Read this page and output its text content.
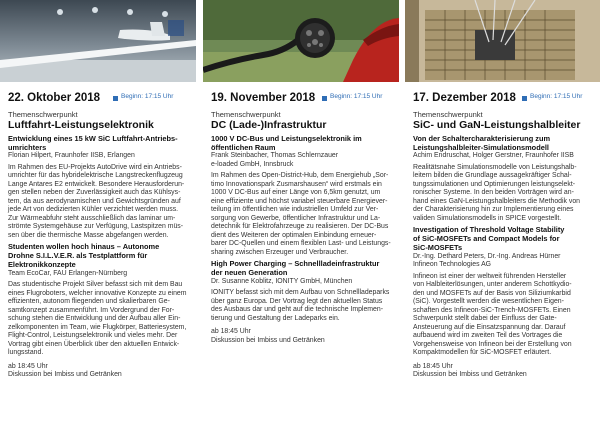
22. Oktober 2018	Beginn: 17:15 Uhr
Themenschwerpunkt
Luftfahrt-Leistungselektronik
Entwicklung eines 15 kW SiC Luftfahrt-Antriebs-
umrichters
Florian Hilpert, Fraunhofer IISB, Erlangen
Im Rahmen des EU-Projekts AutoDrive wird ein Antriebs-
umrichter für das hybridelektrische Langstreckenflugzeug
Lange Antares E2 entwickelt. Besondere Herausforderun-
gen stellen neben der Zuverlässigkeit auch das Kühlsys-
tem, da aus aerodynamischen und Gewichtsgründen auf
jede Art von dedizierten Kühler verzichtet werden muss.
Zur Wärmeabfuhr steht ausschließlich das laminar um-
strömte Systemgehäuse zur Verfügung, Lastspitzen müs-
sen über die thermische Masse abgefangen werden.
Studenten wollen hoch hinaus – Autonome
Drohne S.I.L.V.E.R. als Testplattform für
Elektronikkonzepte
Team EcoCar, FAU Erlangen-Nürnberg
Das studentische Projekt Silver befasst sich mit dem Bau
eines Flugroboters, welcher innovative Konzepte zu einem
effizienten, autonom fliegenden und skalierbaren Ge-
samtkonzept zusammenführt. Im Vordergrund der For-
schung stehen die Entwicklung und der Aufbau aller Ein-
zelkomponenten im Team, wie Flugkörper, Batteriesystem,
Flight-Control, Leistungselektronik und vieles mehr. Der
Vortrag gibt einen Überblick über den aktuellen Entwick-
lungsstand.
ab 18:45 Uhr
Diskussion bei Imbiss und Getränken
19. November 2018 Beginn: 17:15 Uhr
Themenschwerpunkt
DC (Lade-)Infrastruktur
1000 V DC-Bus und Leistungselektronik im
öffentlichen Raum
Frank Steinbacher, Thomas Schlernzauer
e-loaded GmbH, Innsbruck
Im Rahmen des Open-District-Hub, dem Energiehub „Sor-
timo Innovationspark Zusmarshausen“ wird erstmals ein
1000 V DC-Bus auf einer Länge von 6,5km genutzt, um
eine effiziente und höchst variabel steuerbare Energiever-
teilung im öffentlichen wie industriellen Umfeld zur Ver-
sorgung von Gewerbe, öffentlicher Infrastruktur und La-
detechnik für Elektrofahrzeuge zu realisieren. Der DC-Bus
dient des Weiteren der optimalen Einbindung erneuer-
barer DC-Quellen und einem flexiblen Last- und Leistungs-
sharing zwischen Erzeuger und Verbraucher.
High Power Charging – Schnellladeinfrastruktur
der neuen Generation
Dr. Susanne Koblitz, IONITY GmbH, München
IONITY befasst sich mit dem Aufbau von Schnellladeparks
über ganz Europa. Der Vortrag legt den aktuellen Status
des Ausbaus dar und geht auf die technische Implemen-
tierung und Gestaltung der Ladeparks ein.
ab 18:45 Uhr
Diskussion bei Imbiss und Getränken
17. Dezember 2018 Beginn: 17:15 Uhr
Themenschwerpunkt
SiC- und GaN-Leistungshalbleiter
Von der Schaltercharakterisierung zum
Leistungshalbleiter-Simulationsmodell
Achim Endruschat, Holger Gerstner, Fraunhofer IISB
Realitätsnahe Simulationsmodelle von Leistungshalb-
leitern bilden die Grundlage aussagekräftiger Schal-
tungssimulationen und Optimierungen leistungselekt-
ronischer Systeme. In den beiden Vorträgen wird an-
hand eines GaN-Leistungshalbleiters die Methodik von
der Charakterisierung hin zur Implementierung eines
validen Simulationsmodells in SPICE vorgestellt.
Investigation of Threshold Voltage Stability
of SiC-MOSFETs and Compact Models for
SiC-MOSFETs
Dr.-Ing. Dethard Peters, Dr.-Ing. Andreas Hürner
Infineon Technologies AG
Infineon ist einer der weltweit führenden Hersteller
von Halbleiterlösungen, unter anderem Schottkydio-
den und MOSFETs auf der Basis von Siliziumkarbid
(SiC). Vorgestellt werden die wesentlichen Eigen-
schaften des Infineon-SiC-Trench-MOSFETs. Einen
Schwerpunkt stellt dabei der Einfluss der Gate-
Ansteuerung auf die Einsatzspannung dar. Darauf
aufbauend wird im zweiten Teil des Vortrages die
Vorgehensweise von Infineon bei der Erstellung von
Kompaktmodellen für SiC-MOSFET erläutert.
ab 18:45 Uhr
Diskussion bei Imbiss und Getränken
